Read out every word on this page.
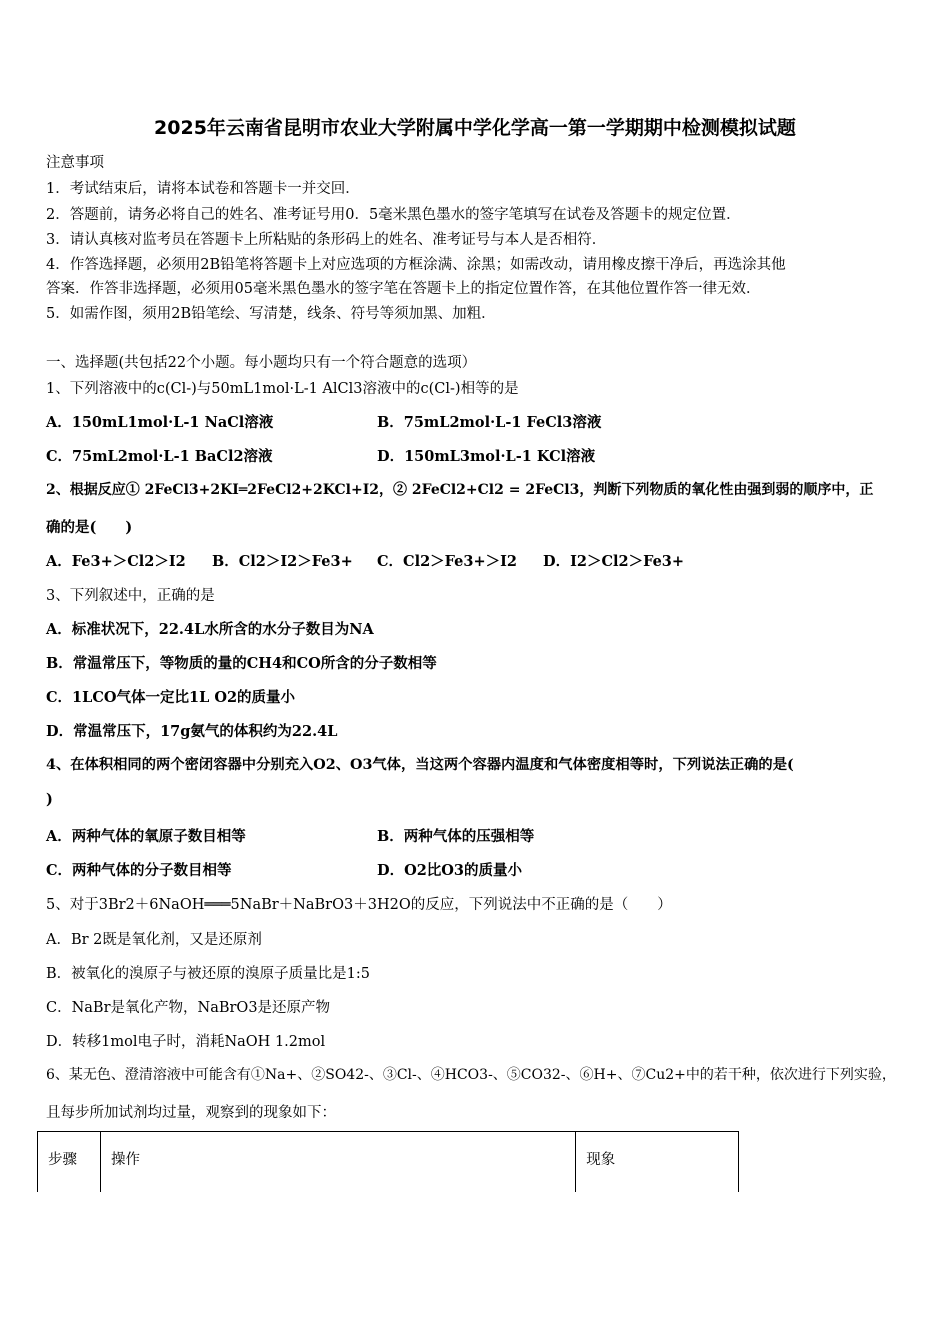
2025年云南省昆明市农业大学附属中学化学高一第一学期期中检测模拟试题
注意事项
1．考试结束后，请将本试卷和答题卡一并交回．
2．答题前，请务必将自己的姓名、准考证号用0．5毫米黑色墨水的签字笔填写在试卷及答题卡的规定位置．
3．请认真核对监考员在答题卡上所粘贴的条形码上的姓名、准考证号与本人是否相符．
4．作答选择题，必须用2B铅笔将答题卡上对应选项的方框涂满、涂黑；如需改动，请用橡皮擦干净后，再选涂其他
答案．作答非选择题，必须用05毫米黑色墨水的签字笔在答题卡上的指定位置作答，在其他位置作答一律无效．
5．如需作图，须用2B铅笔绘、写清楚，线条、符号等须加黑、加粗．
一、选择题(共包括22个小题。每小题均只有一个符合题意的选项）
1、下列溶液中的c(Cl-)与50mL1mol·L-1 AlCl3溶液中的c(Cl-)相等的是
A．150mL1mol·L-1 NaCl溶液	B．75mL2mol·L-1 FeCl3溶液
C．75mL2mol·L-1 BaCl2溶液	D．150mL3mol·L-1 KCl溶液
2、根据反应① 2FeCl3+2KI═2FeCl2+2KCl+I2，② 2FeCl2+Cl2 = 2FeCl3，判断下列物质的氧化性由强到弱的顺序中，正
确的是(　　)
A．Fe3+＞Cl2＞I2 B．Cl2＞I2＞Fe3+ C．Cl2＞Fe3+＞I2 D．I2＞Cl2＞Fe3+
3、下列叙述中，正确的是
A．标准状况下，22.4L水所含的水分子数目为NA
B．常温常压下，等物质的量的CH4和CO所含的分子数相等
C．1LCO气体一定比1L O2的质量小
D．常温常压下，17g氨气的体积约为22.4L
4、在体积相同的两个密闭容器中分别充入O2、O3气体，当这两个容器内温度和气体密度相等时，下列说法正确的是(
)
A．两种气体的氧原子数目相等	B．两种气体的压强相等
C．两种气体的分子数目相等	D．O2比O3的质量小
5、对于3Br2＋6NaOH═══5NaBr＋NaBrO3＋3H2O的反应，下列说法中不正确的是（　　）
A．Br 2既是氧化剂，又是还原剂
B．被氧化的溴原子与被还原的溴原子质量比是1:5
C．NaBr是氧化产物，NaBrO3是还原产物
D．转移1mol电子时，消耗NaOH 1.2mol
6、某无色、澄清溶液中可能含有①Na+、②SO42-、③Cl-、④HCO3-、⑤CO32-、⑥H+、⑦Cu2+中的若干种，依次进行下列实验，
且每步所加试剂均过量，观察到的现象如下：
步骤	操作	现象
